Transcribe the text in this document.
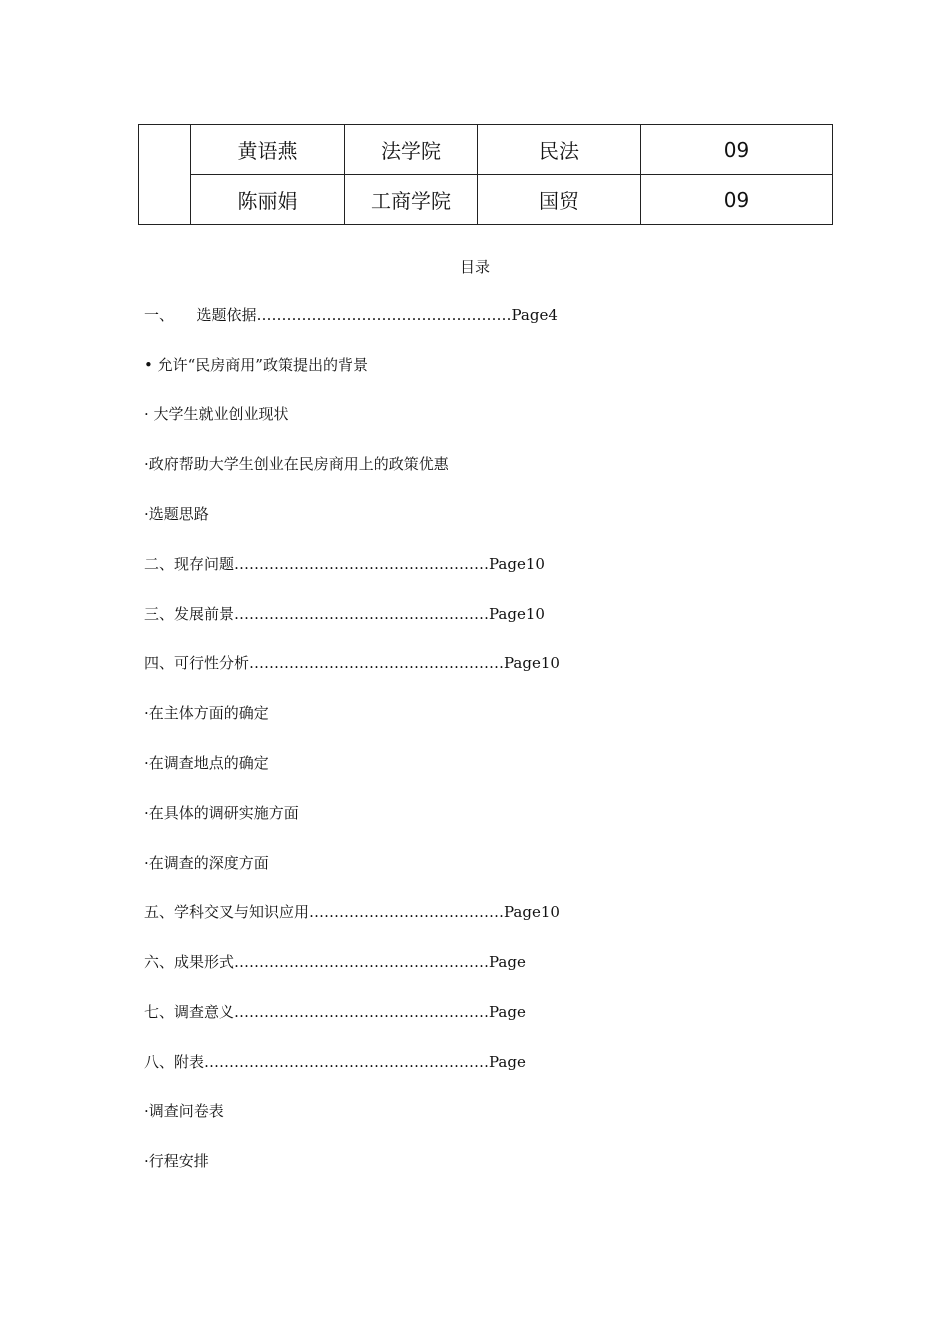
	黄语燕	法学院	民法	09
	陈丽娟	工商学院	国贸	09
目录
一、　　选题依据……………………………………………Page4
• 允许“民房商用”政策提出的背景
· 大学生就业创业现状
·政府帮助大学生创业在民房商用上的政策优惠
·选题思路
二、现存问题……………………………………………Page10
三、发展前景……………………………………………Page10
四、可行性分析……………………………………………Page10
·在主体方面的确定
·在调查地点的确定
·在具体的调研实施方面
·在调查的深度方面
五、学科交叉与知识应用…………………………………Page10
六、成果形式……………………………………………Page
七、调查意义……………………………………………Page
八、附表…………………………………………………Page
·调查问卷表
·行程安排
